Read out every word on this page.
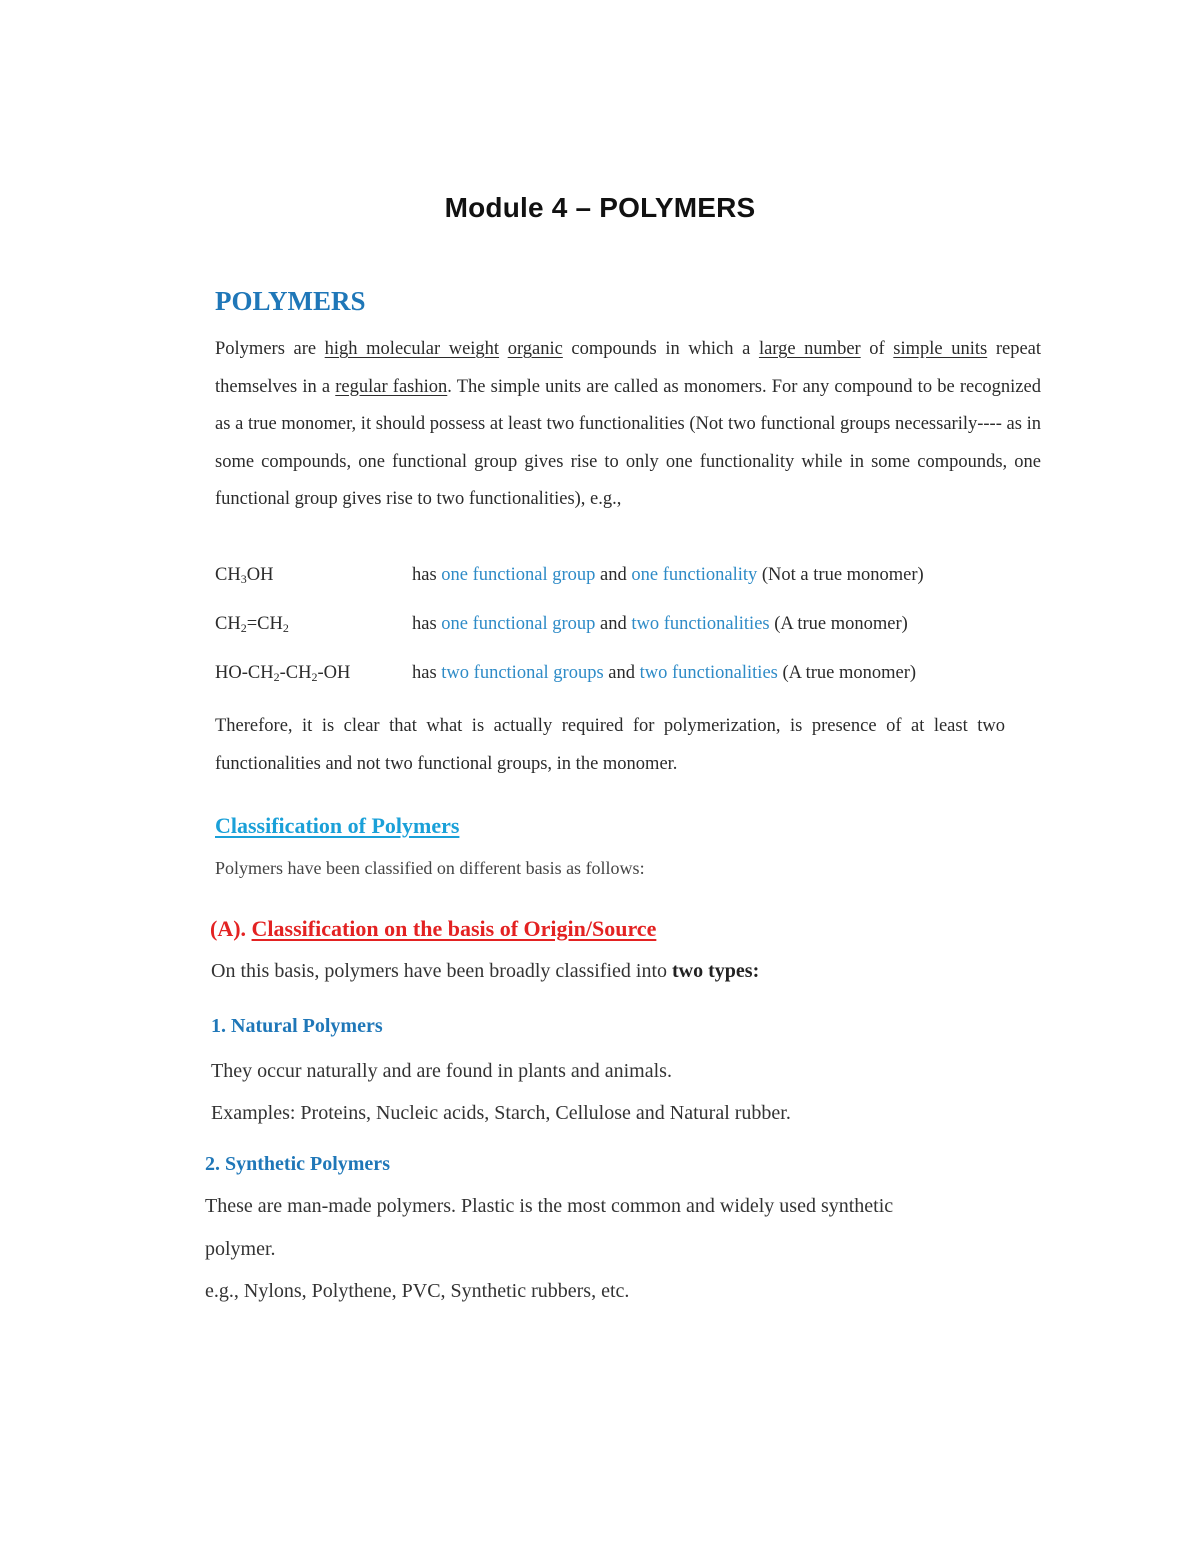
Module 4 – POLYMERS
POLYMERS
Polymers are high molecular weight organic compounds in which a large number of simple units repeat themselves in a regular fashion. The simple units are called as monomers. For any compound to be recognized as a true monomer, it should possess at least two functionalities (Not two functional groups necessarily---- as in some compounds, one functional group gives rise to only one functionality while in some compounds, one functional group gives rise to two functionalities), e.g.,
$CH_3OH$	has one functional group and one functionality (Not a true monomer)
$CH_2=CH_2$	has one functional group and two functionalities (A true monomer)
$HO-CH_2-CH_2-OH$	has two functional groups and two functionalities (A true monomer)
Therefore, it is clear that what is actually required for polymerization, is presence of at least two functionalities and not two functional groups, in the monomer.
Classification of Polymers
Polymers have been classified on different basis as follows:
(A). Classification on the basis of Origin/Source
On this basis, polymers have been broadly classified into two types:
1. Natural Polymers
They occur naturally and are found in plants and animals.
Examples: Proteins, Nucleic acids, Starch, Cellulose and Natural rubber.
2. Synthetic Polymers
These are man-made polymers. Plastic is the most common and widely used synthetic
polymer.
e.g., Nylons, Polythene, PVC, Synthetic rubbers, etc.
